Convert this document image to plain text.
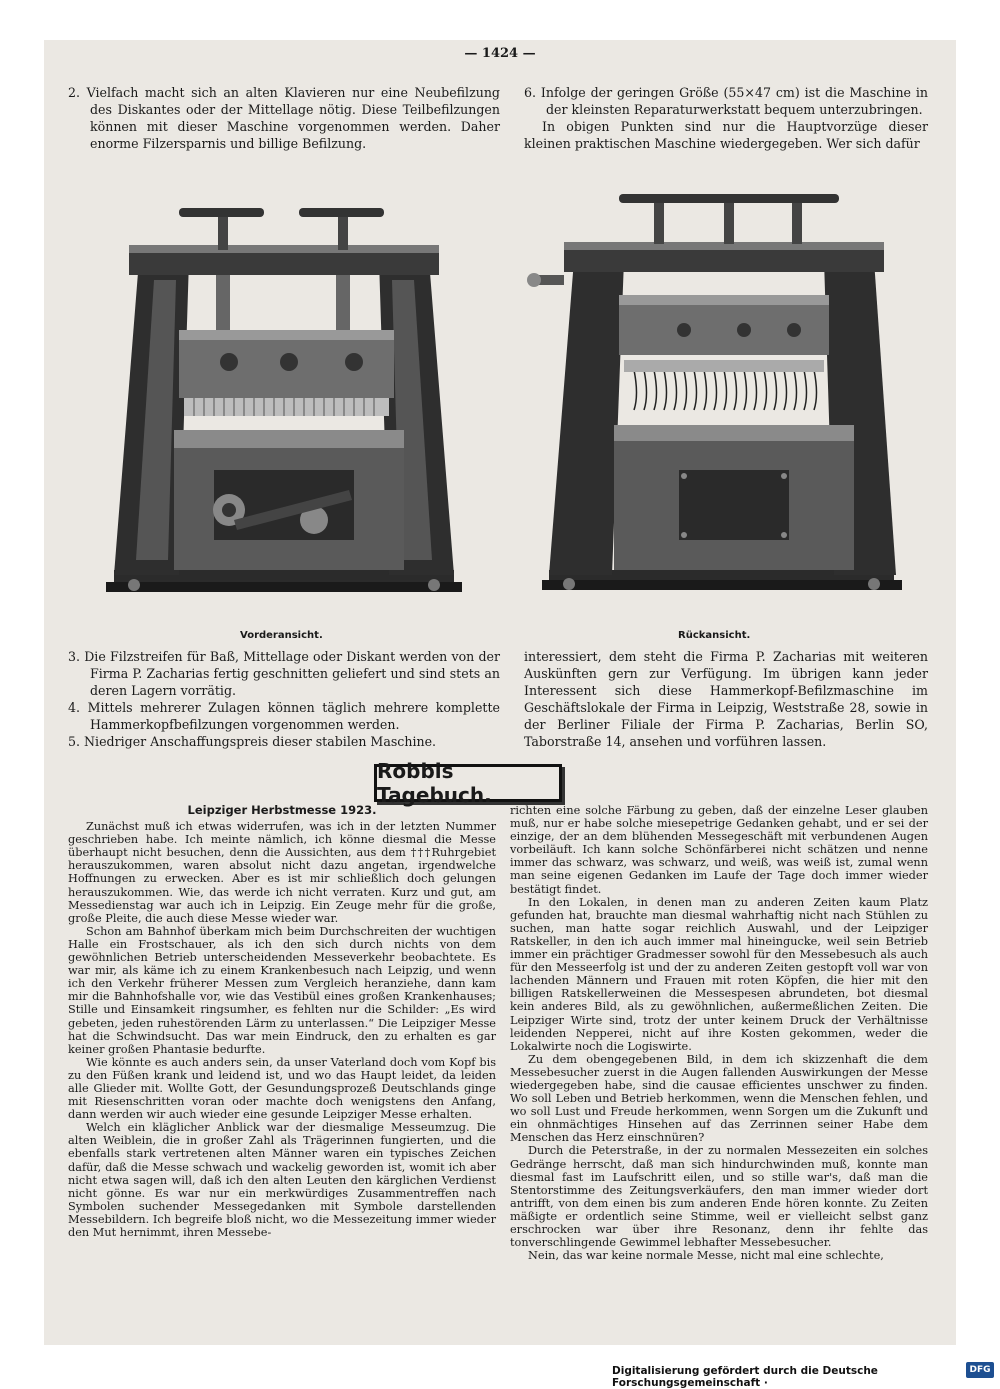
— 1424 —

2. Vielfach macht sich an alten Klavieren nur eine Neubefilzung des Diskantes oder der Mittellage nötig. Diese Teilbefilzungen können mit dieser Maschine vorgenommen werden. Daher enorme Filzersparnis und billige Befilzung.

6. Infolge der geringen Größe (55×47 cm) ist die Maschine in der kleinsten Reparaturwerkstatt bequem unterzubringen.

In obigen Punkten sind nur die Hauptvorzüge dieser kleinen praktischen Maschine wiedergegeben. Wer sich dafür

Vorderansicht.	Rückansicht.

3. Die Filzstreifen für Baß, Mittellage oder Diskant werden von der Firma P. Zacharias fertig geschnitten geliefert und sind stets an deren Lagern vorrätig.

4. Mittels mehrerer Zulagen können täglich mehrere komplette Hammerkopfbefilzungen vorgenommen werden.

5. Niedriger Anschaffungspreis dieser stabilen Maschine.

interessiert, dem steht die Firma P. Zacharias mit weiteren Auskünften gern zur Verfügung. Im übrigen kann jeder Interessent sich diese Hammerkopf-Befilzmaschine im Geschäftslokale der Firma in Leipzig, Weststraße 28, sowie in der Berliner Filiale der Firma P. Zacharias, Berlin SO, Taborstraße 14, ansehen und vorführen lassen.

Robbis Tagebuch.
Leipziger Herbstmesse 1923.

Zunächst muß ich etwas widerrufen, was ich in der letzten Nummer geschrieben habe. Ich meinte nämlich, ich könne diesmal die Messe überhaupt nicht besuchen, denn die Aussichten, aus dem †††Ruhrgebiet herauszukommen, waren absolut nicht dazu angetan, irgendwelche Hoffnungen zu erwecken. Aber es ist mir schließlich doch gelungen herauszukommen. Wie, das werde ich nicht verraten. Kurz und gut, am Messedienstag war auch ich in Leipzig. Ein Zeuge mehr für die große, große Pleite, die auch diese Messe wieder war.

Schon am Bahnhof überkam mich beim Durchschreiten der wuchtigen Halle ein Frostschauer, als ich den sich durch nichts von dem gewöhnlichen Betrieb unterscheidenden Messeverkehr beobachtete. Es war mir, als käme ich zu einem Krankenbesuch nach Leipzig, und wenn ich den Verkehr früherer Messen zum Vergleich heranziehe, dann kam mir die Bahnhofshalle vor, wie das Vestibül eines großen Krankenhauses; Stille und Einsamkeit ringsumher, es fehlten nur die Schilder: „Es wird gebeten, jeden ruhestörenden Lärm zu unterlassen.“ Die Leipziger Messe hat die Schwindsucht. Das war mein Eindruck, den zu erhalten es gar keiner großen Phantasie bedurfte.

Wie könnte es auch anders sein, da unser Vaterland doch vom Kopf bis zu den Füßen krank und leidend ist, und wo das Haupt leidet, da leiden alle Glieder mit. Wollte Gott, der Gesundungsprozeß Deutschlands ginge mit Riesenschritten voran oder machte doch wenigstens den Anfang, dann werden wir auch wieder eine gesunde Leipziger Messe erhalten.

Welch ein kläglicher Anblick war der diesmalige Messeumzug. Die alten Weiblein, die in großer Zahl als Trägerinnen fungierten, und die ebenfalls stark vertretenen alten Männer waren ein typisches Zeichen dafür, daß die Messe schwach und wackelig geworden ist, womit ich aber nicht etwa sagen will, daß ich den alten Leuten den kärglichen Verdienst nicht gönne. Es war nur ein merkwürdiges Zusammentreffen nach Symbolen suchender Messegedanken mit Symbole darstellenden Messebildern. Ich begreife bloß nicht, wo die Messezeitung immer wieder den Mut hernimmt, ihren Messebe-

richten eine solche Färbung zu geben, daß der einzelne Leser glauben muß, nur er habe solche miesepetrige Gedanken gehabt, und er sei der einzige, der an dem blühenden Messegeschäft mit verbundenen Augen vorbeiläuft. Ich kann solche Schönfärberei nicht schätzen und nenne immer das schwarz, was schwarz, und weiß, was weiß ist, zumal wenn man seine eigenen Gedanken im Laufe der Tage doch immer wieder bestätigt findet.

In den Lokalen, in denen man zu anderen Zeiten kaum Platz gefunden hat, brauchte man diesmal wahrhaftig nicht nach Stühlen zu suchen, man hatte sogar reichlich Auswahl, und der Leipziger Ratskeller, in den ich auch immer mal hineingucke, weil sein Betrieb immer ein prächtiger Gradmesser sowohl für den Messebesuch als auch für den Messeerfolg ist und der zu anderen Zeiten gestopft voll war von lachenden Männern und Frauen mit roten Köpfen, die hier mit den billigen Ratskellerweinen die Messespesen abrundeten, bot diesmal kein anderes Bild, als zu gewöhnlichen, außermeßlichen Zeiten. Die Leipziger Wirte sind, trotz der unter keinem Druck der Verhältnisse leidenden Nepperei, nicht auf ihre Kosten gekommen, weder die Lokalwirte noch die Logiswirte.

Zu dem obengegebenen Bild, in dem ich skizzenhaft die dem Messebesucher zuerst in die Augen fallenden Auswirkungen der Messe wiedergegeben habe, sind die causae efficientes unschwer zu finden. Wo soll Leben und Betrieb herkommen, wenn die Menschen fehlen, und wo soll Lust und Freude herkommen, wenn Sorgen um die Zukunft und ein ohnmächtiges Hinsehen auf das Zerrinnen seiner Habe dem Menschen das Herz einschnüren?

Durch die Peterstraße, in der zu normalen Messezeiten ein solches Gedränge herrscht, daß man sich hindurchwinden muß, konnte man diesmal fast im Laufschritt eilen, und so stille war's, daß man die Stentorstimme des Zeitungsverkäufers, den man immer wieder dort antrifft, von dem einen bis zum anderen Ende hören konnte. Zu Zeiten mäßigte er ordentlich seine Stimme, weil er vielleicht selbst ganz erschrocken war über ihre Resonanz, denn ihr fehlte das tonverschlingende Gewimmel lebhafter Messebesucher.

Nein, das war keine normale Messe, nicht mal eine schlechte,

Digitalisierung gefördert durch die Deutsche Forschungsgemeinschaft ·
DFG
